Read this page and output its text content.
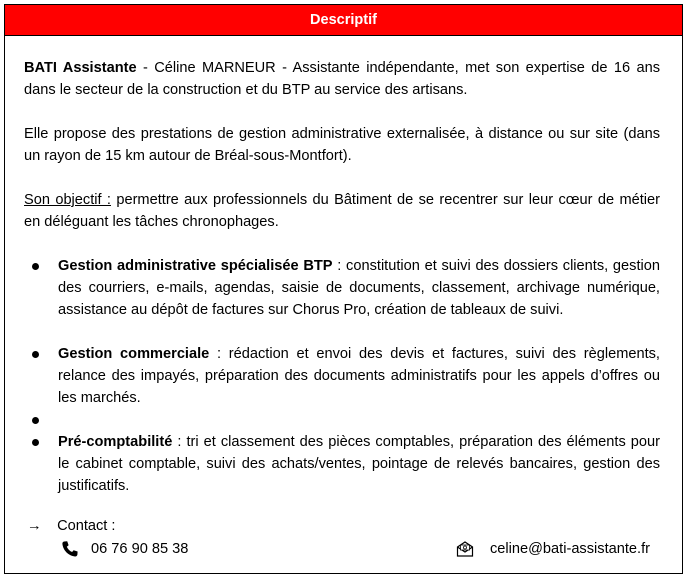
Descriptif

BATI Assistante - Céline MARNEUR - Assistante indépendante, met son expertise de 16 ans dans le secteur de la construction et du BTP au service des artisans.

Elle propose des prestations de gestion administrative externalisée, à distance ou sur site (dans un rayon de 15 km autour de Bréal-sous-Montfort).

Son objectif : permettre aux professionnels du Bâtiment de se recentrer sur leur cœur de métier en déléguant les tâches chronophages.

Gestion administrative spécialisée BTP : constitution et suivi des dossiers clients, gestion des courriers, e-mails, agendas, saisie de documents, classement, archivage numérique, assistance au dépôt de factures sur Chorus Pro, création de tableaux de suivi.
Gestion commerciale : rédaction et envoi des devis et factures, suivi des règlements, relance des impayés, préparation des documents administratifs pour les appels d’offres ou les marchés.
Pré-comptabilité : tri et classement des pièces comptables, préparation des éléments pour le cabinet comptable, suivi des achats/ventes, pointage de relevés bancaires, gestion des justificatifs.
→ Contact :
06 76 90 85 38	celine@bati-assistante.fr
